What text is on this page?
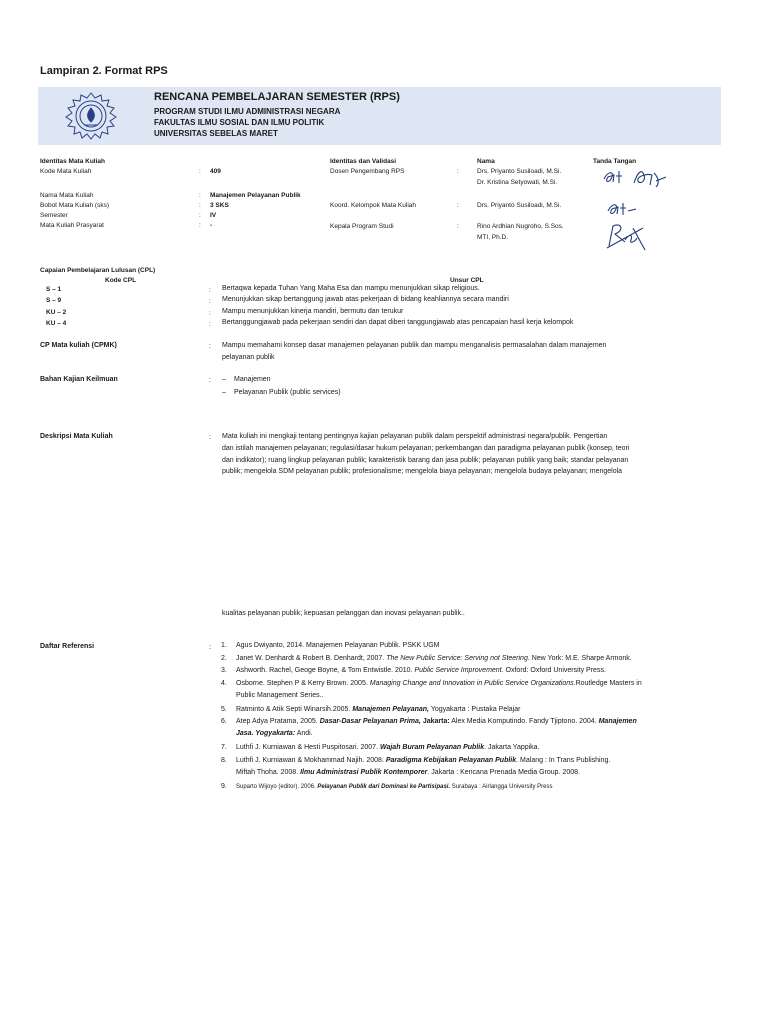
Lampiran 2. Format RPS
RENCANA PEMBELAJARAN SEMESTER (RPS)
PROGRAM STUDI ILMU ADMINISTRASI NEGARA
FAKULTAS ILMU SOSIAL DAN ILMU POLITIK
UNIVERSITAS SEBELAS MARET
Identitas Mata Kuliah
Kode Mata Kuliah	: 409
Nama Mata Kuliah	: Manajemen Pelayanan Publik
Bobot Mata Kuliah (sks)	: 3 SKS
Semester	: IV
Mata Kuliah Prasyarat	: -
Identitas dan Validasi	Nama	Tanda Tangan
Dosen Pengembang RPS	:	Drs. Priyanto Susiloadi, M.Si.
Dr. Kristina Setyowati, M.Si.
Koord. Kelompok Mata Kuliah	:	Drs. Priyanto Susiloadi, M.Si.
Kepala Program Studi	:	Rino Ardhian Nugroho, S.Sos.
MTI, Ph.D.
Capaian Pembelajaran Lulusan (CPL)
Kode CPL	Unsur CPL
S – 1	: Bertaqwa kepada Tuhan Yang Maha Esa dan mampu menunjukkan sikap religious.
S – 9	: Menunjukkan sikap bertanggung jawab atas pekerjaan di bidang keahliannya secara mandiri
KU – 2	: Mampu menunjukkan kinerja mandiri, bermutu dan terukur
KU – 4	: Bertanggungjawab pada pekerjaan sendiri dan dapat diberi tanggungjawab atas pencapaian hasil kerja kelompok
CP Mata kuliah (CPMK)	: Mampu memahami konsep dasar manajemen pelayanan publik dan mampu menganalisis permasalahan dalam manajemen
pelayanan publik
Bahan Kajian Keilmuan	: – Manajemen
– Pelayanan Publik (public services)
Deskripsi Mata Kuliah	: Mata kuliah ini mengkaji tentang pentingnya kajian pelayanan publik dalam perspektif administrasi negara/publik. Pengertian
dan istilah manajemen pelayanan; regulasi/dasar hukum pelayanan; perkembangan dan paradigma pelayanan publik (konsep, teori
dan indikator); ruang lingkup pelayanan publik; karakteristik barang dan jasa publik; pelayanan publik yang baik; standar pelayanan
publik; mengelola SDM pelayanan publik; profesionalisme; mengelola biaya pelayanan; mengelola budaya pelayanan; mengelola
kualitas pelayanan publik; kepuasan pelanggan dan inovasi pelayanan publik..
Daftar Referensi	: 1. Agus Dwiyanto, 2014. Manajemen Pelayanan Publik. PSKK UGM
2. Janet W. Denhardt & Robert B. Denhardt, 2007. The New Public Service: Serving not Steering. New York: M.E. Sharpe Armonk.
3. Ashworth. Rachel, Geoge Boyne, & Tom Entwistle. 2010. Public Service Improvement. Oxford: Oxford University Press.
4. Osborne. Stephen P & Kerry Brown. 2005. Managing Change and Innovation in Public Service Organizations.Routledge Masters in
Public Management Series..
5. Ratminto & Atik Septi Winarsih.2005. Manajemen Pelayanan, Yogyakarta : Pustaka Pelajar
6. Atep Adya Pratama, 2005. Dasar-Dasar Pelayanan Prima, Jakarta: Alex Media Komputindo. Fandy Tjiptono. 2004. Manajemen
Jasa. Yogyakarta: Andi.
7. Luthfi J. Kurniawan & Hesti Puspitosari. 2007. Wajah Buram Pelayanan Publik. Jakarta Yappika.
8. Luthfi J. Kurniawan & Mokhammad Najih. 2008. Paradigma Kebijakan Pelayanan Publik. Malang : In Trans Publishing.
Miftah Thoha. 2008. Ilmu Administrasi Publik Kontemporer. Jakarta : Kencana Prenada Media Group. 2008.
9. Suparto Wijoyo (editor). 2006. Pelayanan Publik dari Dominasi ke Partisipasi. Surabaya : Airlangga University Press
